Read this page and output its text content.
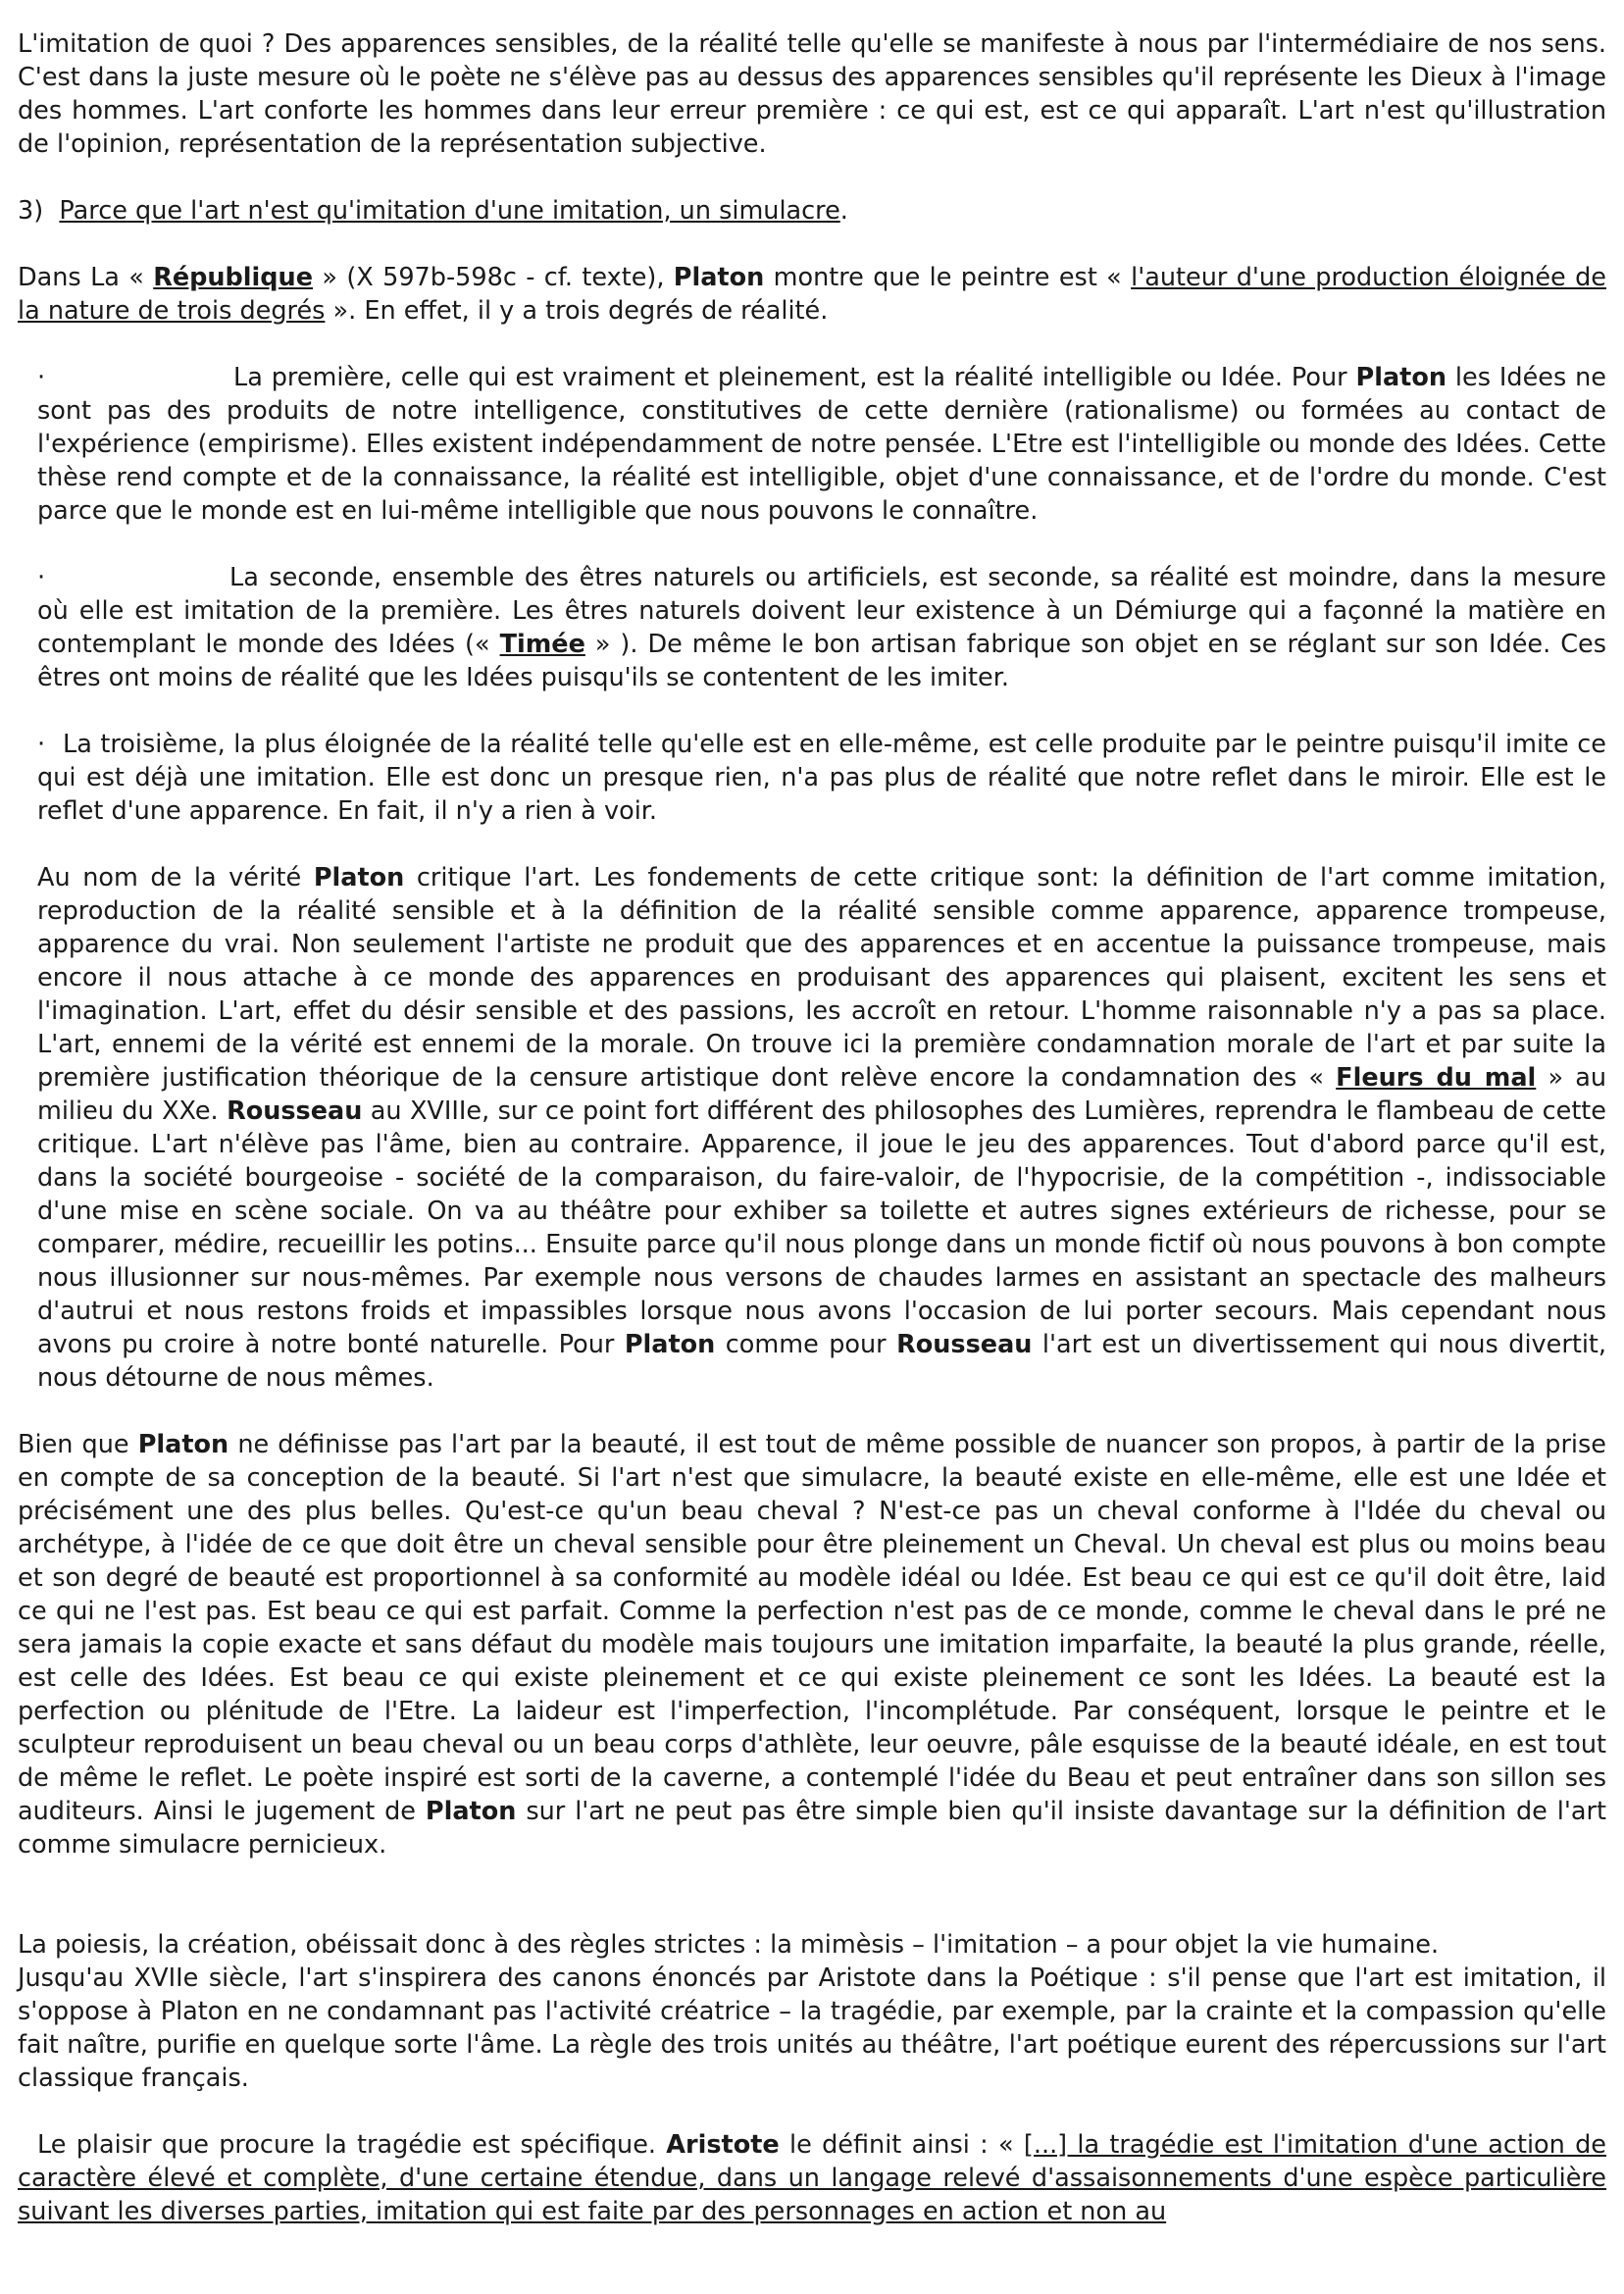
L'imitation de quoi ? Des apparences sensibles, de la réalité telle qu'elle se manifeste à nous par l'intermédiaire de nos sens. C'est dans la juste mesure où le poète ne s'élève pas au dessus des apparences sensibles qu'il représente les Dieux à l'image des hommes. L'art conforte les hommes dans leur erreur première : ce qui est, est ce qui apparaît. L'art n'est qu'illustration de l'opinion, représentation de la représentation subjective.

3) Parce que l'art n'est qu'imitation d'une imitation, un simulacre.

Dans La « République » (X 597b-598c - cf. texte), Platon montre que le peintre est « l'auteur d'une production éloignée de la nature de trois degrés ». En effet, il y a trois degrés de réalité.

·	La première, celle qui est vraiment et pleinement, est la réalité intelligible ou Idée. Pour Platon les Idées ne sont pas des produits de notre intelligence, constitutives de cette dernière (rationalisme) ou formées au contact de l'expérience (empirisme). Elles existent indépendamment de notre pensée. L'Etre est l'intelligible ou monde des Idées. Cette thèse rend compte et de la connaissance, la réalité est intelligible, objet d'une connaissance, et de l'ordre du monde. C'est parce que le monde est en lui-même intelligible que nous pouvons le connaître.

·	La seconde, ensemble des êtres naturels ou artificiels, est seconde, sa réalité est moindre, dans la mesure où elle est imitation de la première. Les êtres naturels doivent leur existence à un Démiurge qui a façonné la matière en contemplant le monde des Idées (« Timée » ). De même le bon artisan fabrique son objet en se réglant sur son Idée. Ces êtres ont moins de réalité que les Idées puisqu'ils se contentent de les imiter.

· La troisième, la plus éloignée de la réalité telle qu'elle est en elle-même, est celle produite par le peintre puisqu'il imite ce qui est déjà une imitation. Elle est donc un presque rien, n'a pas plus de réalité que notre reflet dans le miroir. Elle est le reflet d'une apparence. En fait, il n'y a rien à voir.

Au nom de la vérité Platon critique l'art. Les fondements de cette critique sont: la définition de l'art comme imitation, reproduction de la réalité sensible et à la définition de la réalité sensible comme apparence, apparence trompeuse, apparence du vrai. Non seulement l'artiste ne produit que des apparences et en accentue la puissance trompeuse, mais encore il nous attache à ce monde des apparences en produisant des apparences qui plaisent, excitent les sens et l'imagination. L'art, effet du désir sensible et des passions, les accroît en retour. L'homme raisonnable n'y a pas sa place. L'art, ennemi de la vérité est ennemi de la morale. On trouve ici la première condamnation morale de l'art et par suite la première justification théorique de la censure artistique dont relève encore la condamnation des « Fleurs du mal » au milieu du XXe. Rousseau au XVIIIe, sur ce point fort différent des philosophes des Lumières, reprendra le flambeau de cette critique. L'art n'élève pas l'âme, bien au contraire. Apparence, il joue le jeu des apparences. Tout d'abord parce qu'il est, dans la société bourgeoise - société de la comparaison, du faire-valoir, de l'hypocrisie, de la compétition -, indissociable d'une mise en scène sociale. On va au théâtre pour exhiber sa toilette et autres signes extérieurs de richesse, pour se comparer, médire, recueillir les potins... Ensuite parce qu'il nous plonge dans un monde fictif où nous pouvons à bon compte nous illusionner sur nous-mêmes. Par exemple nous versons de chaudes larmes en assistant an spectacle des malheurs d'autrui et nous restons froids et impassibles lorsque nous avons l'occasion de lui porter secours. Mais cependant nous avons pu croire à notre bonté naturelle. Pour Platon comme pour Rousseau l'art est un divertissement qui nous divertit, nous détourne de nous mêmes.

Bien que Platon ne définisse pas l'art par la beauté, il est tout de même possible de nuancer son propos, à partir de la prise en compte de sa conception de la beauté. Si l'art n'est que simulacre, la beauté existe en elle-même, elle est une Idée et précisément une des plus belles. Qu'est-ce qu'un beau cheval ? N'est-ce pas un cheval conforme à l'Idée du cheval ou archétype, à l'idée de ce que doit être un cheval sensible pour être pleinement un Cheval. Un cheval est plus ou moins beau et son degré de beauté est proportionnel à sa conformité au modèle idéal ou Idée. Est beau ce qui est ce qu'il doit être, laid ce qui ne l'est pas. Est beau ce qui est parfait. Comme la perfection n'est pas de ce monde, comme le cheval dans le pré ne sera jamais la copie exacte et sans défaut du modèle mais toujours une imitation imparfaite, la beauté la plus grande, réelle, est celle des Idées. Est beau ce qui existe pleinement et ce qui existe pleinement ce sont les Idées. La beauté est la perfection ou plénitude de l'Etre. La laideur est l'imperfection, l'incomplétude. Par conséquent, lorsque le peintre et le sculpteur reproduisent un beau cheval ou un beau corps d'athlète, leur oeuvre, pâle esquisse de la beauté idéale, en est tout de même le reflet. Le poète inspiré est sorti de la caverne, a contemplé l'idée du Beau et peut entraîner dans son sillon ses auditeurs. Ainsi le jugement de Platon sur l'art ne peut pas être simple bien qu'il insiste davantage sur la définition de l'art comme simulacre pernicieux.

La poiesis, la création, obéissait donc à des règles strictes : la mimèsis – l'imitation – a pour objet la vie humaine.

Jusqu'au XVIIe siècle, l'art s'inspirera des canons énoncés par Aristote dans la Poétique : s'il pense que l'art est imitation, il s'oppose à Platon en ne condamnant pas l'activité créatrice – la tragédie, par exemple, par la crainte et la compassion qu'elle fait naître, purifie en quelque sorte l'âme. La règle des trois unités au théâtre, l'art poétique eurent des répercussions sur l'art classique français.

Le plaisir que procure la tragédie est spécifique. Aristote le définit ainsi : « [...] la tragédie est l'imitation d'une action de caractère élevé et complète, d'une certaine étendue, dans un langage relevé d'assaisonnements d'une espèce particulière suivant les diverses parties, imitation qui est faite par des personnages en action et non au
